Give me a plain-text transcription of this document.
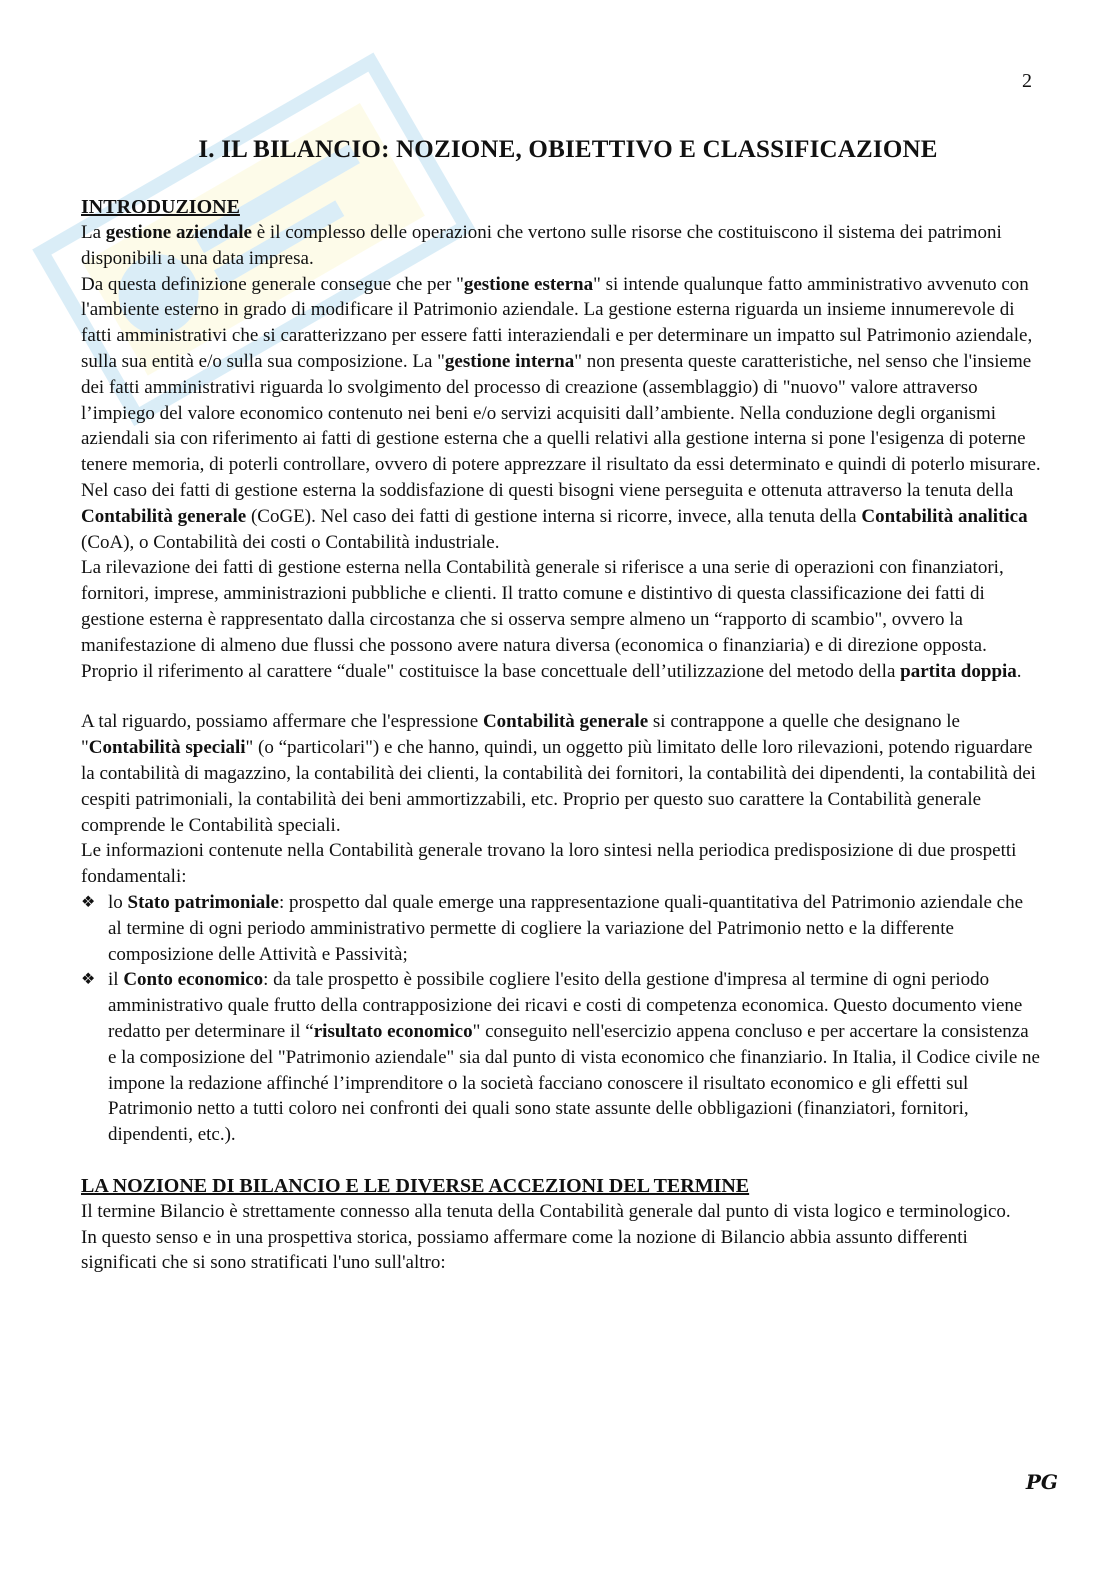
2
I. IL BILANCIO: NOZIONE, OBIETTIVO E CLASSIFICAZIONE

INTRODUZIONE

La gestione aziendale è il complesso delle operazioni che vertono sulle risorse che costituiscono il sistema dei patrimoni disponibili a una data impresa.

Da questa definizione generale consegue che per "gestione esterna" si intende qualunque fatto amministrativo avvenuto con l'ambiente esterno in grado di modificare il Patrimonio aziendale. La gestione esterna riguarda un insieme innumerevole di fatti amministrativi che si caratterizzano per essere fatti interaziendali e per determinare un impatto sul Patrimonio aziendale, sulla sua entità e/o sulla sua composizione. La "gestione interna" non presenta queste caratteristiche, nel senso che l'insieme dei fatti amministrativi riguarda lo svolgimento del processo di creazione (assemblaggio) di "nuovo" valore attraverso l’impiego del valore economico contenuto nei beni e/o servizi acquisiti dall’ambiente. Nella conduzione degli organismi aziendali sia con riferimento ai fatti di gestione esterna che a quelli relativi alla gestione interna si pone l'esigenza di poterne tenere memoria, di poterli controllare, ovvero di potere apprezzare il risultato da essi determinato e quindi di poterlo misurare. Nel caso dei fatti di gestione esterna la soddisfazione di questi bisogni viene perseguita e ottenuta attraverso la tenuta della Contabilità generale (CoGE). Nel caso dei fatti di gestione interna si ricorre, invece, alla tenuta della Contabilità analitica (CoA), o Contabilità dei costi o Contabilità industriale.

La rilevazione dei fatti di gestione esterna nella Contabilità generale si riferisce a una serie di operazioni con finanziatori, fornitori, imprese, amministrazioni pubbliche e clienti. Il tratto comune e distintivo di questa classificazione dei fatti di gestione esterna è rappresentato dalla circostanza che si osserva sempre almeno un “rapporto di scambio", ovvero la manifestazione di almeno due flussi che possono avere natura diversa (economica o finanziaria) e di direzione opposta. Proprio il riferimento al carattere “duale" costituisce la base concettuale dell’utilizzazione del metodo della partita doppia.

A tal riguardo, possiamo affermare che l'espressione Contabilità generale si contrappone a quelle che designano le "Contabilità speciali" (o “particolari") e che hanno, quindi, un oggetto più limitato delle loro rilevazioni, potendo riguardare la contabilità di magazzino, la contabilità dei clienti, la contabilità dei fornitori, la contabilità dei dipendenti, la contabilità dei cespiti patrimoniali, la contabilità dei beni ammortizzabili, etc. Proprio per questo suo carattere la Contabilità generale comprende le Contabilità speciali.

Le informazioni contenute nella Contabilità generale trovano la loro sintesi nella periodica predisposizione di due prospetti fondamentali:

❖ lo Stato patrimoniale: prospetto dal quale emerge una rappresentazione quali-quantitativa del Patrimonio aziendale che al termine di ogni periodo amministrativo permette di cogliere la variazione del Patrimonio netto e la differente composizione delle Attività e Passività;

❖ il Conto economico: da tale prospetto è possibile cogliere l'esito della gestione d'impresa al termine di ogni periodo amministrativo quale frutto della contrapposizione dei ricavi e costi di competenza economica. Questo documento viene redatto per determinare il “risultato economico" conseguito nell'esercizio appena concluso e per accertare la consistenza e la composizione del "Patrimonio aziendale" sia dal punto di vista economico che finanziario. In Italia, il Codice civile ne impone la redazione affinché l’imprenditore o la società facciano conoscere il risultato economico e gli effetti sul Patrimonio netto a tutti coloro nei confronti dei quali sono state assunte delle obbligazioni (finanziatori, fornitori, dipendenti, etc.).

LA NOZIONE DI BILANCIO E LE DIVERSE ACCEZIONI DEL TERMINE

Il termine Bilancio è strettamente connesso alla tenuta della Contabilità generale dal punto di vista logico e terminologico.

In questo senso e in una prospettiva storica, possiamo affermare come la nozione di Bilancio abbia assunto differenti significati che si sono stratificati l'uno sull'altro:

PG
